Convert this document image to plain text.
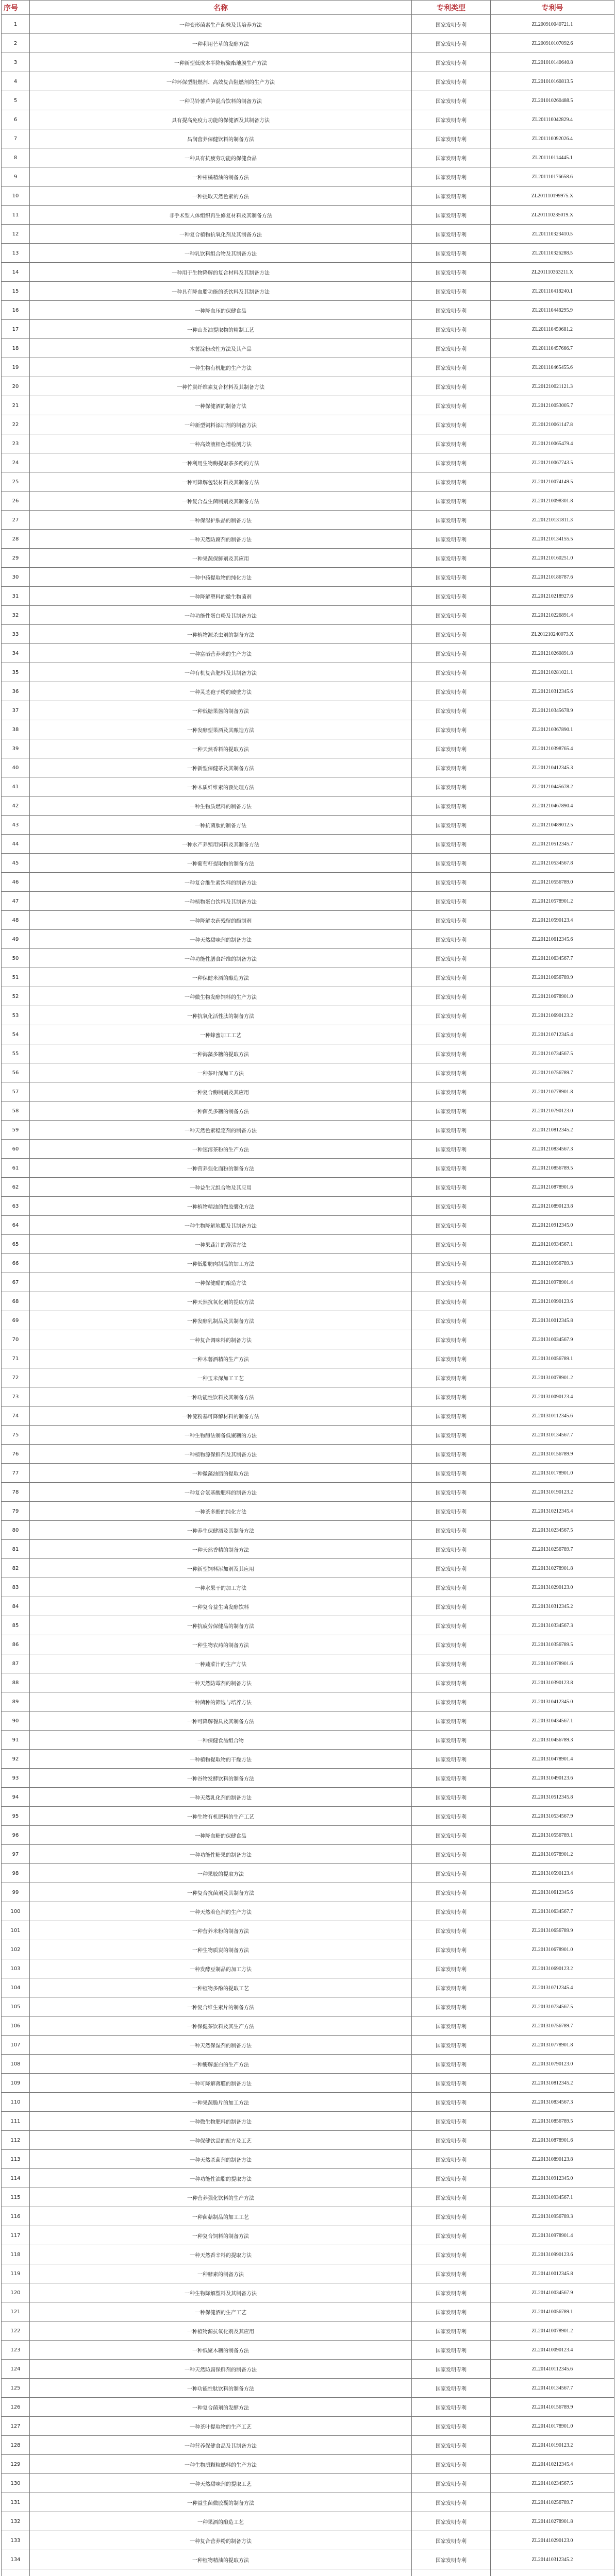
序号	名称	专利类型	专利号
1	一种变形菌素生产菌株及其培养方法	国家发明专利	ZL200910040721.1
2	一种利用芒草的发酵方法	国家发明专利	ZL200910107092.6
3	一种新型低成本半降解聚酯地膜生产方法	国家发明专利	ZL201010140640.8
4	一种环保型阻燃剂、高效复合阻燃剂的生产方法	国家发明专利	ZL201010160813.5
5	一种马铃薯芦笋混合饮料的制备方法	国家发明专利	ZL201010260488.5
6	具有提高免疫力功能的保健酒及其制备方法	国家发明专利	ZL201110042829.4
7	昌润营养保健饮料的制备方法	国家发明专利	ZL201110092026.4
8	一种具有抗疲劳功能的保健食品	国家发明专利	ZL201110114445.1
9	一种柑橘精油的制备方法	国家发明专利	ZL201110176658.6
10	一种提取天然色素的方法	国家发明专利	ZL201110199975.X
11	非手术型人体组织再生修复材料及其制备方法	国家发明专利	ZL201110235019.X
12	一种复合植物抗氧化剂及其制备方法	国家发明专利	ZL201110323410.5
13	一种乳饮料组合物及其制备方法	国家发明专利	ZL201110326288.5
14	一种用于生物降解的复合材料及其制备方法	国家发明专利	ZL201110363211.X
15	一种具有降血脂功能的茶饮料及其制备方法	国家发明专利	ZL201110418240.1
16	一种降血压的保健食品	国家发明专利	ZL201110448295.9
17	一种山茶油提取物的精制工艺	国家发明专利	ZL201110450681.2
18	木薯淀粉改性方法及其产品	国家发明专利	ZL201110457666.7
19	一种生物有机肥的生产方法	国家发明专利	ZL201110465455.6
20	一种竹炭纤维素复合材料及其制备方法	国家发明专利	ZL201210021121.3
21	一种保健酒的制备方法	国家发明专利	ZL201210053005.7
22	一种新型饲料添加剂的制备方法	国家发明专利	ZL201210061147.8
23	一种高效液相色谱检测方法	国家发明专利	ZL201210065479.4
24	一种利用生物酶提取茶多酚的方法	国家发明专利	ZL201210067743.5
25	一种可降解包装材料及其制备方法	国家发明专利	ZL201210074149.5
26	一种复合益生菌制剂及其制备方法	国家发明专利	ZL201210098301.8
27	一种保湿护肤品的制备方法	国家发明专利	ZL201210131811.3
28	一种天然防腐剂的制备方法	国家发明专利	ZL201210134155.5
29	一种果蔬保鲜剂及其应用	国家发明专利	ZL201210160251.0
30	一种中药提取物的纯化方法	国家发明专利	ZL201210186787.6
31	一种降解塑料的微生物菌剂	国家发明专利	ZL201210218927.6
32	一种功能性蛋白粉及其制备方法	国家发明专利	ZL201210226891.4
33	一种植物源杀虫剂的制备方法	国家发明专利	ZL201210240073.X
34	一种富硒营养米的生产方法	国家发明专利	ZL201210260891.8
35	一种有机复合肥料及其制备方法	国家发明专利	ZL201210281021.1
36	一种灵芝孢子粉的破壁方法	国家发明专利	ZL201210312345.6
37	一种低糖果酱的制备方法	国家发明专利	ZL201210345678.9
38	一种发酵型果酒及其酿造方法	国家发明专利	ZL201210367890.1
39	一种天然香料的提取方法	国家发明专利	ZL201210398765.4
40	一种新型保健茶及其制备方法	国家发明专利	ZL201210412345.3
41	一种木质纤维素的预处理方法	国家发明专利	ZL201210445678.2
42	一种生物质燃料的制备方法	国家发明专利	ZL201210467890.4
43	一种抗菌肽的制备方法	国家发明专利	ZL201210489012.5
44	一种水产养殖用饲料及其制备方法	国家发明专利	ZL201210512345.7
45	一种葡萄籽提取物的制备方法	国家发明专利	ZL201210534567.8
46	一种复合维生素饮料的制备方法	国家发明专利	ZL201210556789.0
47	一种植物蛋白饮料及其制备方法	国家发明专利	ZL201210578901.2
48	一种降解农药残留的酶制剂	国家发明专利	ZL201210590123.4
49	一种天然甜味剂的制备方法	国家发明专利	ZL201210612345.6
50	一种功能性膳食纤维的制备方法	国家发明专利	ZL201210634567.7
51	一种保健米酒的酿造方法	国家发明专利	ZL201210656789.9
52	一种微生物发酵饲料的生产方法	国家发明专利	ZL201210678901.0
53	一种抗氧化活性肽的制备方法	国家发明专利	ZL201210690123.2
54	一种蜂蜜加工工艺	国家发明专利	ZL201210712345.4
55	一种海藻多糖的提取方法	国家发明专利	ZL201210734567.5
56	一种茶叶深加工方法	国家发明专利	ZL201210756789.7
57	一种复合酶制剂及其应用	国家发明专利	ZL201210778901.8
58	一种菌类多糖的制备方法	国家发明专利	ZL201210790123.0
59	一种天然色素稳定剂的制备方法	国家发明专利	ZL201210812345.2
60	一种速溶茶粉的生产方法	国家发明专利	ZL201210834567.3
61	一种营养强化面粉的制备方法	国家发明专利	ZL201210856789.5
62	一种益生元组合物及其应用	国家发明专利	ZL201210878901.6
63	一种植物精油的微胶囊化方法	国家发明专利	ZL201210890123.8
64	一种生物降解地膜及其制备方法	国家发明专利	ZL201210912345.0
65	一种果蔬汁的澄清方法	国家发明专利	ZL201210934567.1
66	一种低脂肪肉制品的加工方法	国家发明专利	ZL201210956789.3
67	一种保健醋的酿造方法	国家发明专利	ZL201210978901.4
68	一种天然抗氧化剂的提取方法	国家发明专利	ZL201210990123.6
69	一种发酵乳制品及其制备方法	国家发明专利	ZL201310012345.8
70	一种复合调味料的制备方法	国家发明专利	ZL201310034567.9
71	一种木薯酒精的生产方法	国家发明专利	ZL201310056789.1
72	一种玉米深加工工艺	国家发明专利	ZL201310078901.2
73	一种功能性饮料及其制备方法	国家发明专利	ZL201310090123.4
74	一种淀粉基可降解材料的制备方法	国家发明专利	ZL201310112345.6
75	一种生物酶法制备低聚糖的方法	国家发明专利	ZL201310134567.7
76	一种植物源保鲜剂及其制备方法	国家发明专利	ZL201310156789.9
77	一种微藻油脂的提取方法	国家发明专利	ZL201310178901.0
78	一种复合氨基酸肥料的制备方法	国家发明专利	ZL201310190123.2
79	一种茶多酚的纯化方法	国家发明专利	ZL201310212345.4
80	一种养生保健酒及其制备方法	国家发明专利	ZL201310234567.5
81	一种天然香精的制备方法	国家发明专利	ZL201310256789.7
82	一种新型饲料添加剂及其应用	国家发明专利	ZL201310278901.8
83	一种水果干的加工方法	国家发明专利	ZL201310290123.0
84	一种复合益生菌发酵饮料	国家发明专利	ZL201310312345.2
85	一种抗疲劳保健品的制备方法	国家发明专利	ZL201310334567.3
86	一种生物农药的制备方法	国家发明专利	ZL201310356789.5
87	一种蔬菜汁的生产方法	国家发明专利	ZL201310378901.6
88	一种天然防霉剂的制备方法	国家发明专利	ZL201310390123.8
89	一种菌种的筛选与培养方法	国家发明专利	ZL201310412345.0
90	一种可降解餐具及其制备方法	国家发明专利	ZL201310434567.1
91	一种保健食品组合物	国家发明专利	ZL201310456789.3
92	一种植物提取物的干燥方法	国家发明专利	ZL201310478901.4
93	一种谷物发酵饮料的制备方法	国家发明专利	ZL201310490123.6
94	一种天然乳化剂的制备方法	国家发明专利	ZL201310512345.8
95	一种生物有机肥料的生产工艺	国家发明专利	ZL201310534567.9
96	一种降血糖的保健食品	国家发明专利	ZL201310556789.1
97	一种功能性糖果的制备方法	国家发明专利	ZL201310578901.2
98	一种果胶的提取方法	国家发明专利	ZL201310590123.4
99	一种复合抗菌剂及其制备方法	国家发明专利	ZL201310612345.6
100	一种天然着色剂的生产方法	国家发明专利	ZL201310634567.7
101	一种营养米粉的制备方法	国家发明专利	ZL201310656789.9
102	一种生物质炭的制备方法	国家发明专利	ZL201310678901.0
103	一种发酵豆制品的加工方法	国家发明专利	ZL201310690123.2
104	一种植物多酚的提取工艺	国家发明专利	ZL201310712345.4
105	一种复合维生素片的制备方法	国家发明专利	ZL201310734567.5
106	一种保健茶饮料及其生产方法	国家发明专利	ZL201310756789.7
107	一种天然保湿剂的制备方法	国家发明专利	ZL201310778901.8
108	一种酶解蛋白的生产方法	国家发明专利	ZL201310790123.0
109	一种可降解薄膜的制备方法	国家发明专利	ZL201310812345.2
110	一种果蔬脆片的加工方法	国家发明专利	ZL201310834567.3
111	一种微生物肥料的制备方法	国家发明专利	ZL201310856789.5
112	一种保健饮品的配方及工艺	国家发明专利	ZL201310878901.6
113	一种天然杀菌剂的制备方法	国家发明专利	ZL201310890123.8
114	一种功能性油脂的提取方法	国家发明专利	ZL201310912345.0
115	一种营养强化饮料的生产方法	国家发明专利	ZL201310934567.1
116	一种菌菇制品的加工工艺	国家发明专利	ZL201310956789.3
117	一种复合饲料的制备方法	国家发明专利	ZL201310978901.4
118	一种天然香辛料的提取方法	国家发明专利	ZL201310990123.6
119	一种酵素的制备方法	国家发明专利	ZL201410012345.8
120	一种生物降解塑料及其制备方法	国家发明专利	ZL201410034567.9
121	一种保健酒的生产工艺	国家发明专利	ZL201410056789.1
122	一种植物源抗氧化剂及其应用	国家发明专利	ZL201410078901.2
123	一种低聚木糖的制备方法	国家发明专利	ZL201410090123.4
124	一种天然防腐保鲜剂的制备方法	国家发明专利	ZL201410112345.6
125	一种功能性肽饮料的制备方法	国家发明专利	ZL201410134567.7
126	一种复合菌剂的发酵方法	国家发明专利	ZL201410156789.9
127	一种茶叶提取物的生产工艺	国家发明专利	ZL201410178901.0
128	一种营养保健食品及其制备方法	国家发明专利	ZL201410190123.2
129	一种生物质颗粒燃料的生产方法	国家发明专利	ZL201410212345.4
130	一种天然甜味剂的提取工艺	国家发明专利	ZL201410234567.5
131	一种益生菌微胶囊的制备方法	国家发明专利	ZL201410256789.7
132	一种果酒的酿造工艺	国家发明专利	ZL201410278901.8
133	一种复合营养粉的制备方法	国家发明专利	ZL201410290123.0
134	一种植物精油的提取方法	国家发明专利	ZL201410312345.2
